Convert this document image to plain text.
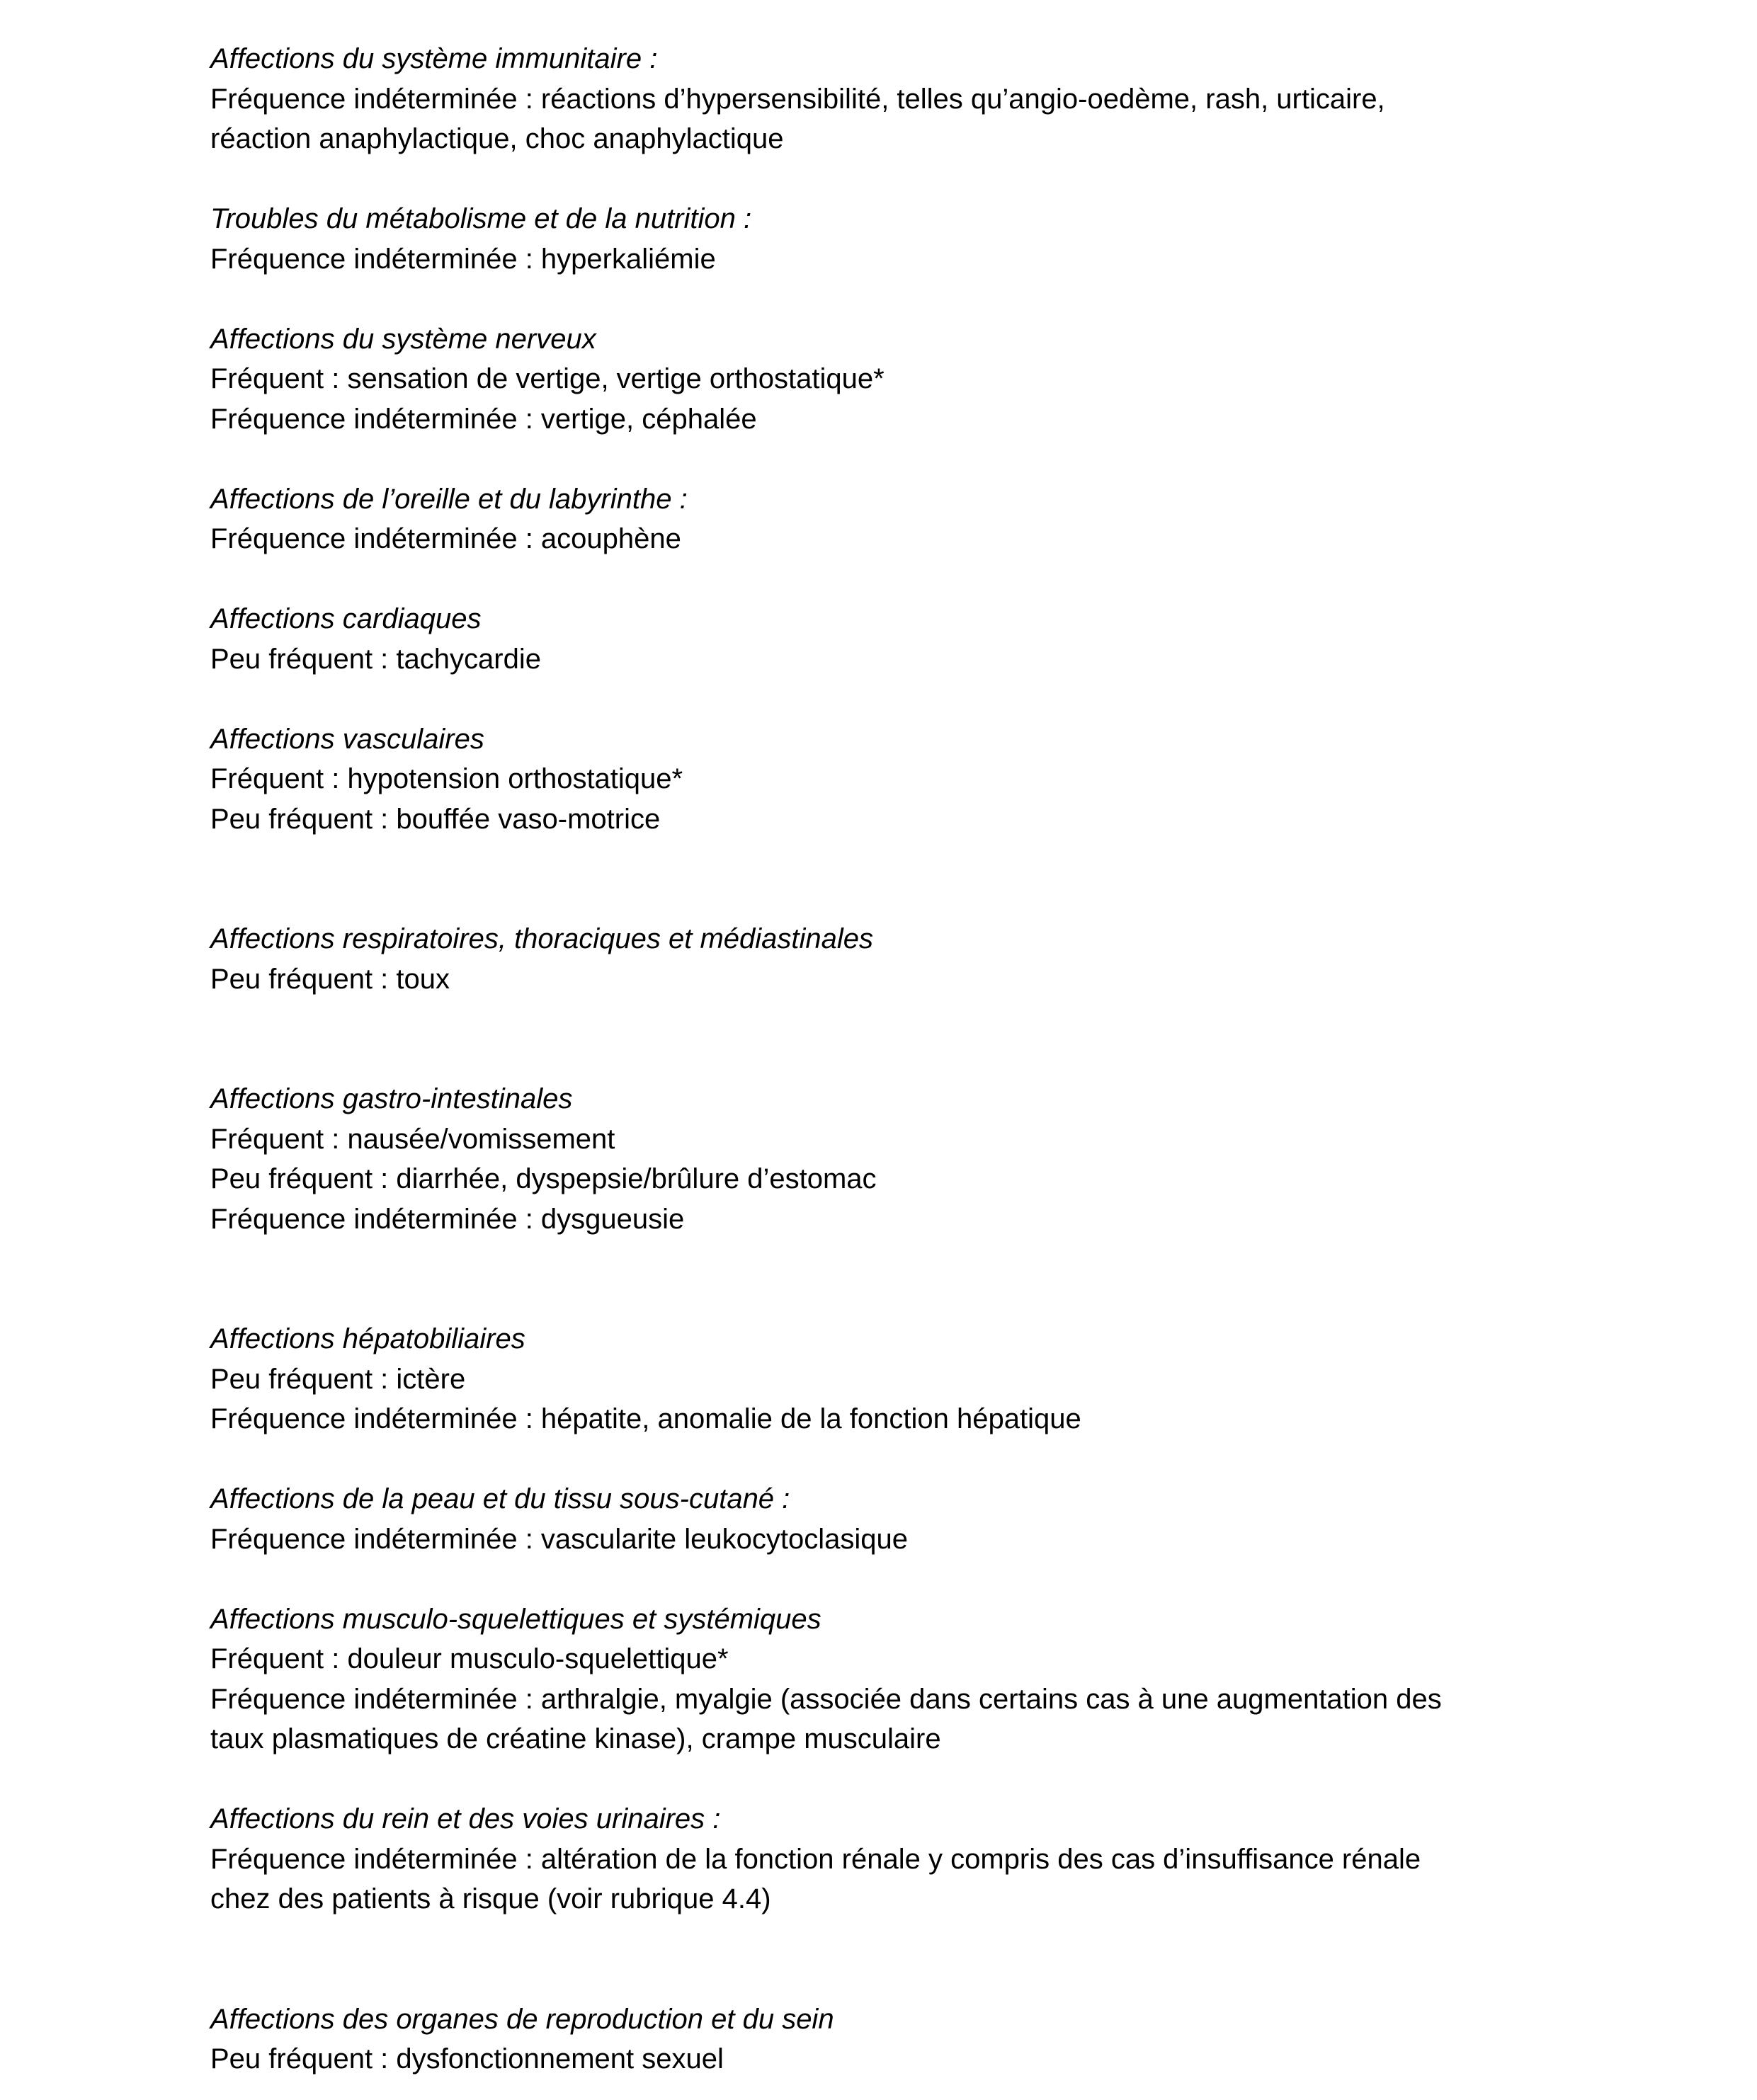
Affections du système immunitaire :

Fréquence indéterminée : réactions d’hypersensibilité, telles qu’angio-oedème, rash, urticaire,

réaction anaphylactique, choc anaphylactique

Troubles du métabolisme et de la nutrition :

Fréquence indéterminée : hyperkaliémie

Affections du système nerveux

Fréquent : sensation de vertige, vertige orthostatique*

Fréquence indéterminée : vertige, céphalée

Affections de l’oreille et du labyrinthe :

Fréquence indéterminée : acouphène

Affections cardiaques

Peu fréquent : tachycardie

Affections vasculaires

Fréquent : hypotension orthostatique*

Peu fréquent : bouffée vaso-motrice

Affections respiratoires, thoraciques et médiastinales

Peu fréquent : toux

Affections gastro-intestinales

Fréquent : nausée/vomissement

Peu fréquent : diarrhée, dyspepsie/brûlure d’estomac

Fréquence indéterminée : dysgueusie

Affections hépatobiliaires

Peu fréquent : ictère

Fréquence indéterminée : hépatite, anomalie de la fonction hépatique

Affections de la peau et du tissu sous-cutané :

Fréquence indéterminée : vascularite leukocytoclasique

Affections musculo-squelettiques et systémiques

Fréquent : douleur musculo-squelettique*

Fréquence indéterminée : arthralgie, myalgie (associée dans certains cas à une augmentation des

taux plasmatiques de créatine kinase), crampe musculaire

Affections du rein et des voies urinaires :

Fréquence indéterminée : altération de la fonction rénale y compris des cas d’insuffisance rénale

chez des patients à risque (voir rubrique 4.4)

Affections des organes de reproduction et du sein

Peu fréquent : dysfonctionnement sexuel
